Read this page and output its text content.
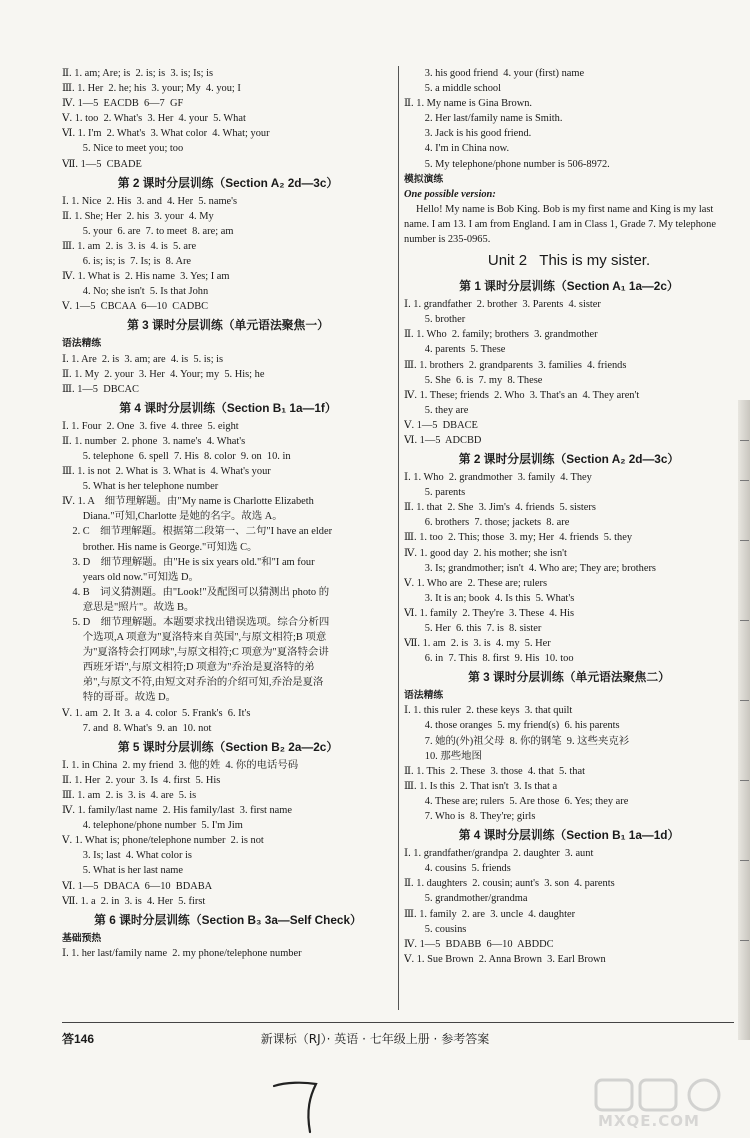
Ⅱ. 1. am; Are; is  2. is; is  3. is; Is; is
Ⅲ. 1. Her  2. he; his  3. your; My  4. you; I
Ⅳ. 1—5  EACDB  6—7  GF
Ⅴ. 1. too  2. What's  3. Her  4. your  5. What
Ⅵ. 1. I'm  2. What's  3. What color  4. What; your
5. Nice to meet you; too
Ⅶ. 1—5  CBADE
第 2 课时分层训练（Section A₂ 2d—3c）
Ⅰ. 1. Nice  2. His  3. and  4. Her  5. name's
Ⅱ. 1. She; Her  2. his  3. your  4. My
5. your  6. are  7. to meet  8. are; am
Ⅲ. 1. am  2. is  3. is  4. is  5. are
6. is; is; is  7. Is; is  8. Are
Ⅳ. 1. What is  2. His name  3. Yes; I am
4. No; she isn't  5. Is that John
Ⅴ. 1—5  CBCAA  6—10  CADBC
第 3 课时分层训练（单元语法聚焦一）
语法精练
Ⅰ. 1. Are  2. is  3. am; are  4. is  5. is; is
Ⅱ. 1. My  2. your  3. Her  4. Your; my  5. His; he
Ⅲ. 1—5  DBCAC
第 4 课时分层训练（Section B₁ 1a—1f）
Ⅰ. 1. Four  2. One  3. five  4. three  5. eight
Ⅱ. 1. number  2. phone  3. name's  4. What's
5. telephone  6. spell  7. His  8. color  9. on  10. in
Ⅲ. 1. is not  2. What is  3. What is  4. What's your
5. What is her telephone number
Ⅳ. 1. A    细节理解题。由"My name is Charlotte Elizabeth
Diana."可知,Charlotte 是她的名字。故选 A。
2. C    细节理解题。根据第二段第一、二句"I have an elder
brother. His name is George."可知选 C。
3. D    细节理解题。由"He is six years old."和"I am four
years old now."可知选 D。
4. B    词义猜测题。由"Look!"及配图可以猜测出 photo 的
意思是"照片"。故选 B。
5. D    细节理解题。本题要求找出错误选项。综合分析四
个选项,A 项意为"夏洛特来自英国",与原文相符;B 项意
为"夏洛特会打网球",与原文相符;C 项意为"夏洛特会讲
西班牙语",与原文相符;D 项意为"乔治是夏洛特的弟
弟",与原文不符,由短文对乔治的介绍可知,乔治是夏洛
特的哥哥。故选 D。
Ⅴ. 1. am  2. It  3. a  4. color  5. Frank's  6. It's
7. and  8. What's  9. an  10. not
第 5 课时分层训练（Section B₂ 2a—2c）
Ⅰ. 1. in China  2. my friend  3. 他的姓  4. 你的电话号码
Ⅱ. 1. Her  2. your  3. Is  4. first  5. His
Ⅲ. 1. am  2. is  3. is  4. are  5. is
Ⅳ. 1. family/last name  2. His family/last  3. first name
4. telephone/phone number  5. I'm Jim
Ⅴ. 1. What is; phone/telephone number  2. is not
3. Is; last  4. What color is
5. What is her last name
Ⅵ. 1—5  DBACA  6—10  BDABA
Ⅶ. 1. a  2. in  3. is  4. Her  5. first
第 6 课时分层训练（Section B₃ 3a—Self Check）
基础预热
Ⅰ. 1. her last/family name  2. my phone/telephone number
3. his good friend  4. your (first) name
5. a middle school
Ⅱ. 1. My name is Gina Brown.
2. Her last/family name is Smith.
3. Jack is his good friend.
4. I'm in China now.
5. My telephone/phone number is 506-8972.
模拟演练
One possible version:
Hello! My name is Bob King. Bob is my first name and King is my last name. I am 13. I am from England. I am in Class 1, Grade 7. My telephone number is 235-0965.
Unit 2   This is my sister.
第 1 课时分层训练（Section A₁ 1a—2c）
Ⅰ. 1. grandfather  2. brother  3. Parents  4. sister
5. brother
Ⅱ. 1. Who  2. family; brothers  3. grandmother
4. parents  5. These
Ⅲ. 1. brothers  2. grandparents  3. families  4. friends
5. She  6. is  7. my  8. These
Ⅳ. 1. These; friends  2. Who  3. That's an  4. They aren't
5. they are
Ⅴ. 1—5  DBACE
Ⅵ. 1—5  ADCBD
第 2 课时分层训练（Section A₂ 2d—3c）
Ⅰ. 1. Who  2. grandmother  3. family  4. They
5. parents
Ⅱ. 1. that  2. She  3. Jim's  4. friends  5. sisters
6. brothers  7. those; jackets  8. are
Ⅲ. 1. too  2. This; those  3. my; Her  4. friends  5. they
Ⅳ. 1. good day  2. his mother; she isn't
3. Is; grandmother; isn't  4. Who are; They are; brothers
Ⅴ. 1. Who are  2. These are; rulers
3. It is an; book  4. Is this  5. What's
Ⅵ. 1. family  2. They're  3. These  4. His
5. Her  6. this  7. is  8. sister
Ⅶ. 1. am  2. is  3. is  4. my  5. Her
6. in  7. This  8. first  9. His  10. too
第 3 课时分层训练（单元语法聚焦二）
语法精练
Ⅰ. 1. this ruler  2. these keys  3. that quilt
4. those oranges  5. my friend(s)  6. his parents
7. 她的(外)祖父母  8. 你的钢笔  9. 这些夹克衫
10. 那些地图
Ⅱ. 1. This  2. These  3. those  4. that  5. that
Ⅲ. 1. Is this  2. That isn't  3. Is that a
4. These are; rulers  5. Are those  6. Yes; they are
7. Who is  8. They're; girls
第 4 课时分层训练（Section B₁ 1a—1d）
Ⅰ. 1. grandfather/grandpa  2. daughter  3. aunt
4. cousins  5. friends
Ⅱ. 1. daughters  2. cousin; aunt's  3. son  4. parents
5. grandmother/grandma
Ⅲ. 1. family  2. are  3. uncle  4. daughter
5. cousins
Ⅳ. 1—5  BDABB  6—10  ABDDC
Ⅴ. 1. Sue Brown  2. Anna Brown  3. Earl Brown
答146	新课标（RJ）· 英语 · 七年级上册 · 参考答案
MXQE.COM
